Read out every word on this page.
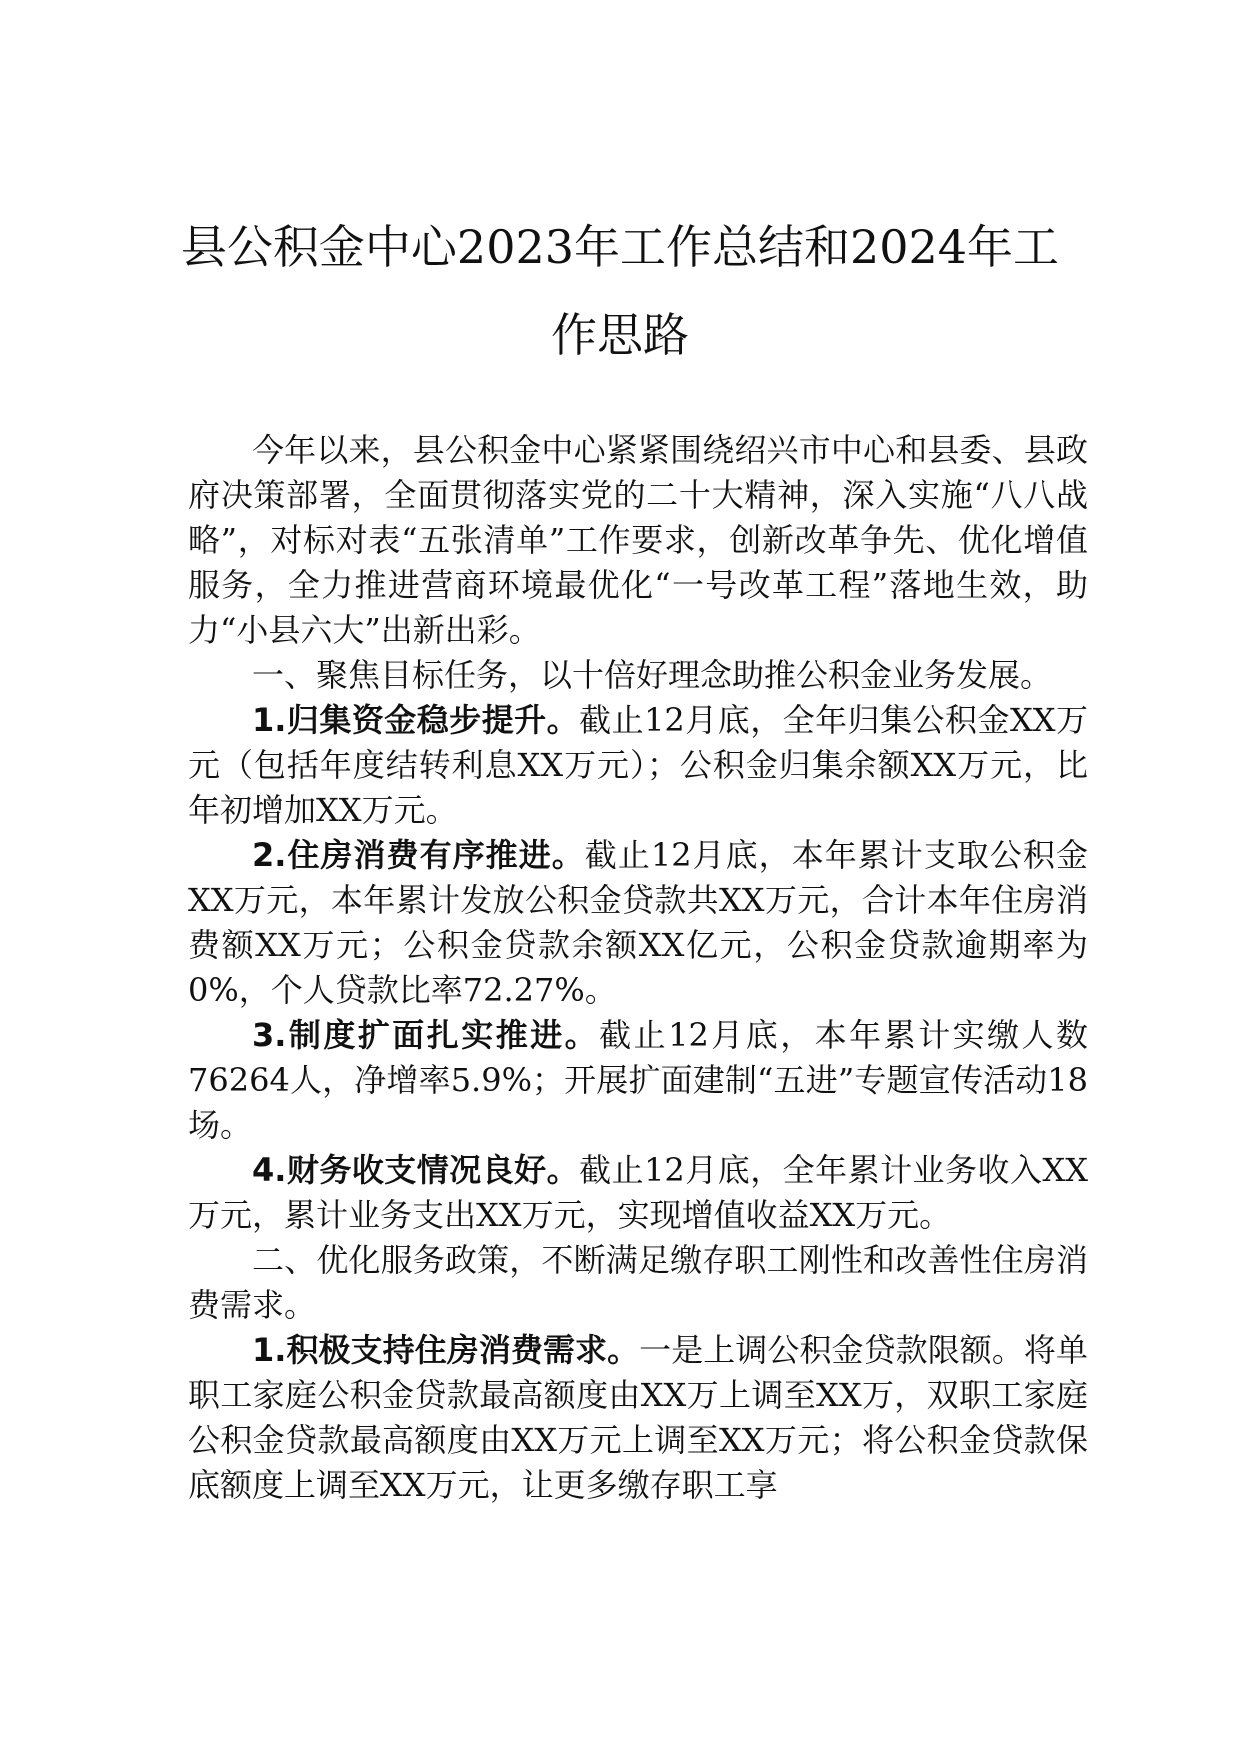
县公积金中心2023年工作总结和2024年工
作思路

今年以来，县公积金中心紧紧围绕绍兴市中心和县委、县政府决策部署，全面贯彻落实党的二十大精神，深入实施“八八战略”，对标对表“五张清单”工作要求，创新改革争先、优化增值服务，全力推进营商环境最优化“一号改革工程”落地生效，助力“小县六大”出新出彩。

一、聚焦目标任务，以十倍好理念助推公积金业务发展。

1.归集资金稳步提升。截止12月底，全年归集公积金XX万元（包括年度结转利息XX万元）；公积金归集余额XX万元，比年初增加XX万元。

2.住房消费有序推进。截止12月底，本年累计支取公积金XX万元，本年累计发放公积金贷款共XX万元，合计本年住房消费额XX万元；公积金贷款余额XX亿元，公积金贷款逾期率为0%，个人贷款比率72.27%。

3.制度扩面扎实推进。截止12月底，本年累计实缴人数76264人，净增率5.9%；开展扩面建制“五进”专题宣传活动18场。

4.财务收支情况良好。截止12月底，全年累计业务收入XX万元，累计业务支出XX万元，实现增值收益XX万元。

二、优化服务政策，不断满足缴存职工刚性和改善性住房消费需求。

1.积极支持住房消费需求。一是上调公积金贷款限额。将单职工家庭公积金贷款最高额度由XX万上调至XX万，双职工家庭公积金贷款最高额度由XX万元上调至XX万元；将公积金贷款保底额度上调至XX万元，让更多缴存职工享
